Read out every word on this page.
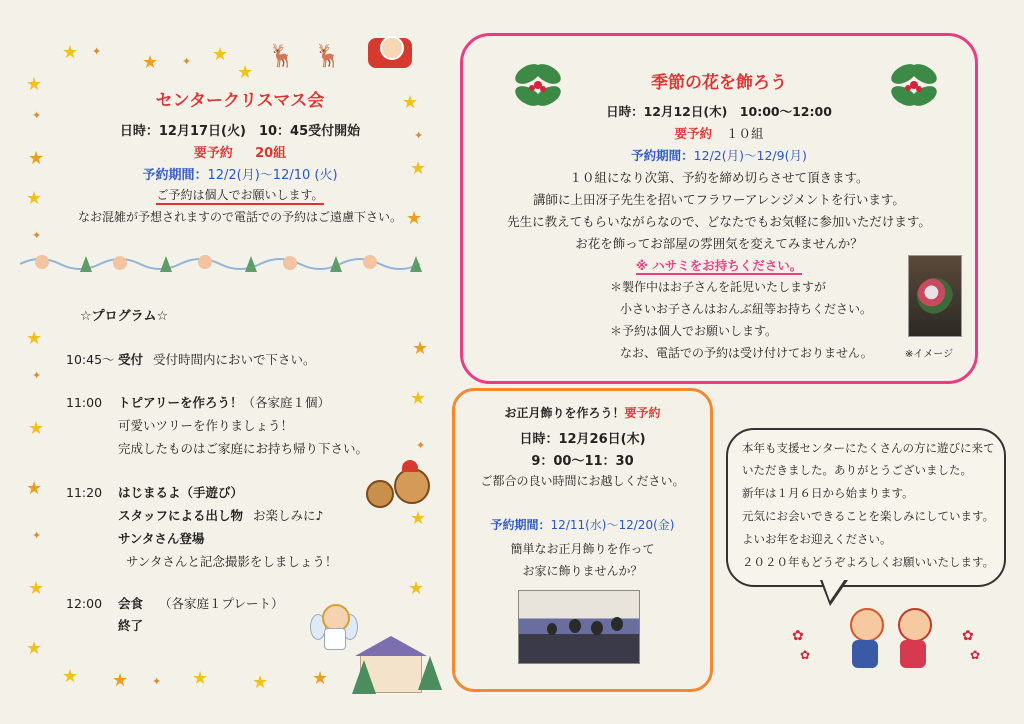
★ ✦
★	★
✦
★
★
✦
★
★
✦
★
✦
★
★
★
✦
★
★
✦
★
★
★
★
✦
★
★
★ ★ ✦ ★ ★ ★
🦌 🦌
センタークリスマス会
日時：12月17日(火)　10：45受付開始
要予約 20組
予約期間：12/2(月)～12/10 (火)
ご予約は個人でお願いします。
なお混雑が予想されますので電話での予約はご遠慮下さい。
☆プログラム☆
10:45～ 受付 受付時間内においで下さい。
11:00 トピアリーを作ろう！（各家庭１個）
可愛いツリーを作りましょう！
完成したものはご家庭にお持ち帰り下さい。
11:20 はじまるよ（手遊び）
スタッフによる出し物 お楽しみに♪
サンタさん登場
サンタさんと記念撮影をしましょう！
12:00 会食 （各家庭１プレート）
終了
季節の花を飾ろう
日時：12月12日(木)　10:00～12:00
要予約 １０組
予約期間：12/2(月)～12/9(月)
１０組になり次第、予約を締め切らさせて頂きます。
講師に上田冴子先生を招いてフラワーアレンジメントを行います。
先生に教えてもらいながらなので、どなたでもお気軽に参加いただけます。
お花を飾ってお部屋の雰囲気を変えてみませんか？
※ ハサミをお持ちください。
＊製作中はお子さんを託児いたしますが
小さいお子さんはおんぶ紐等お持ちください。
＊予約は個人でお願いします。
なお、電話での予約は受け付けておりません。	※イメージ
お正月飾りを作ろう！要予約
日時：12月26日(木)
9：00～11：30
ご都合の良い時間にお越しください。
予約期間：12/11(水)～12/20(金)
簡単なお正月飾りを作って
お家に飾りませんか？
本年も支援センターにたくさんの方に遊びに来て
いただきました。ありがとうございました。
新年は１月６日から始まります。
元気にお会いできることを楽しみにしています。
よいお年をお迎えください。
２０２０年もどうぞよろしくお願いいたします。
✿
✿
✿
✿
